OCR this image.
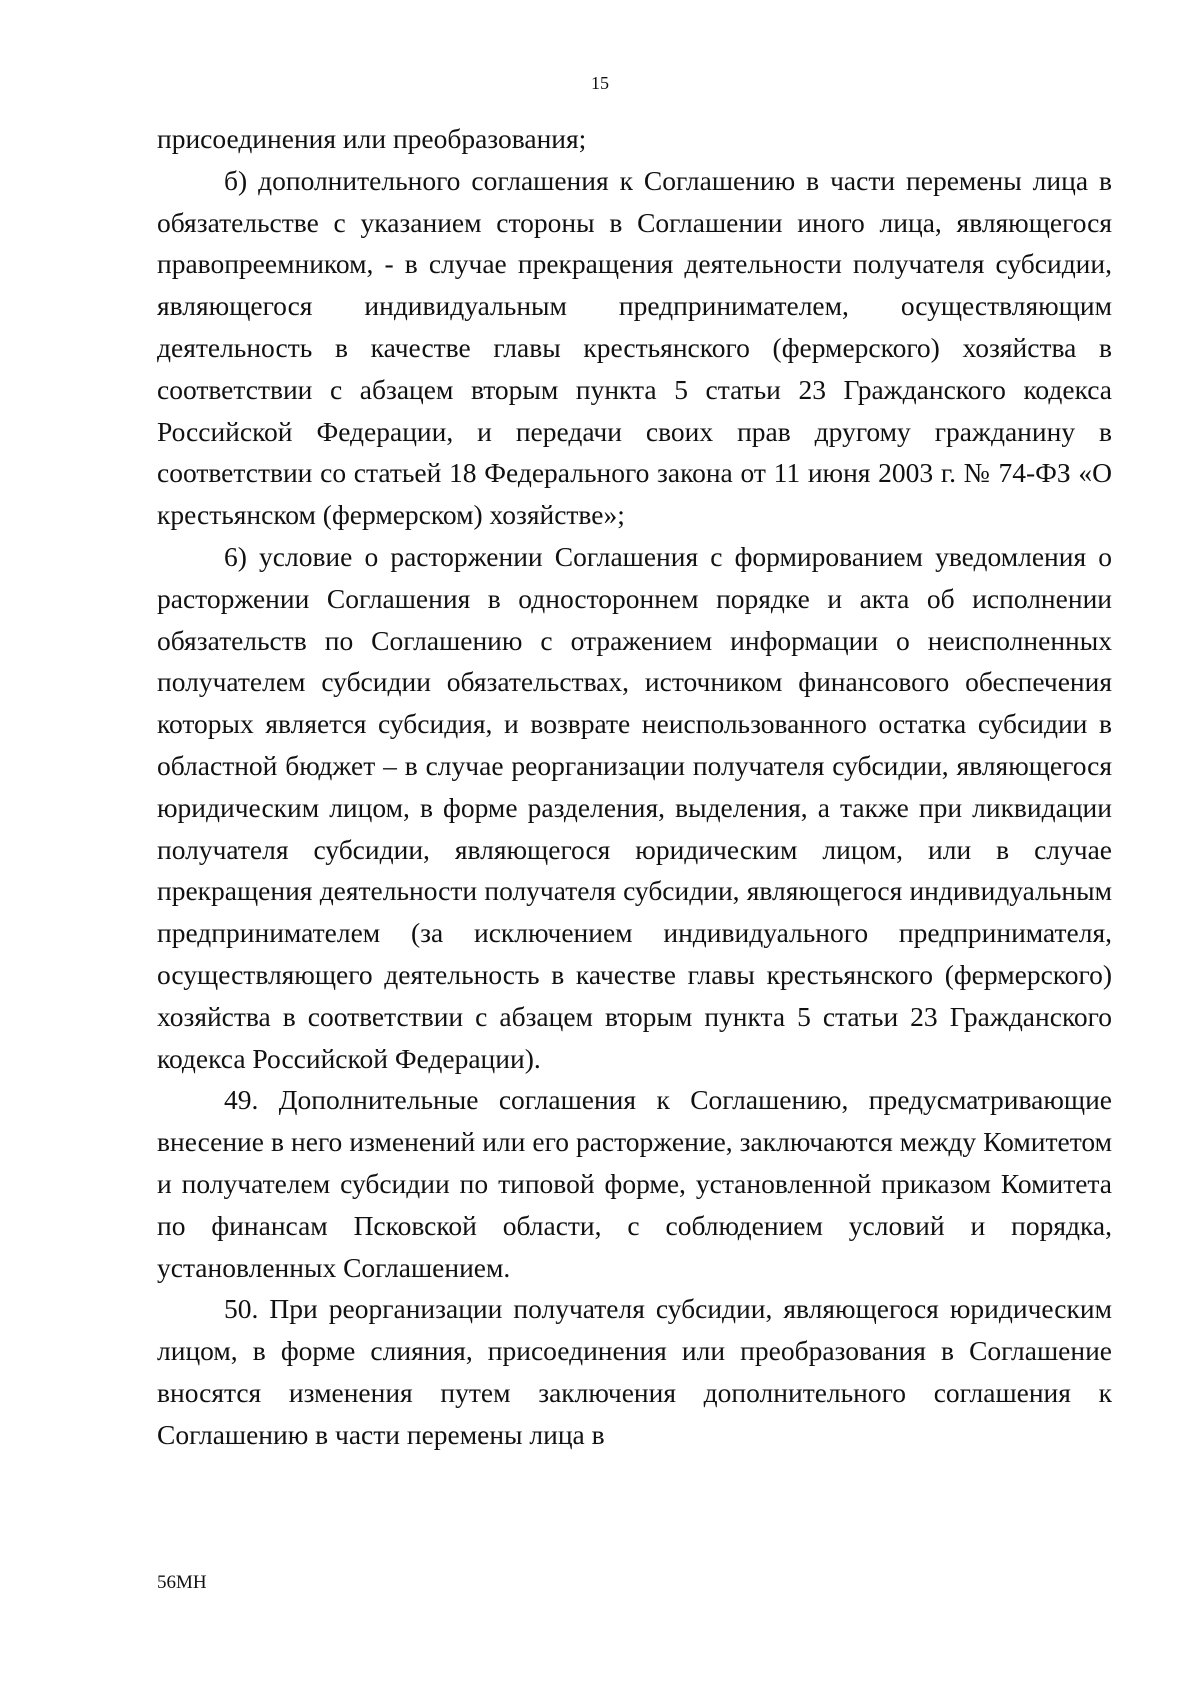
15

присоединения или преобразования;

б) дополнительного соглашения к Соглашению в части перемены лица в обязательстве с указанием стороны в Соглашении иного лица, являющегося правопреемником, - в случае прекращения деятельности получателя субсидии, являющегося индивидуальным предпринимателем, осуществляющим деятельность в качестве главы крестьянского (фермерского) хозяйства в соответствии с абзацем вторым пункта 5 статьи 23 Гражданского кодекса Российской Федерации, и передачи своих прав другому гражданину в соответствии со статьей 18 Федерального закона от 11 июня 2003 г. № 74-ФЗ «О крестьянском (фермерском) хозяйстве»;

6) условие о расторжении Соглашения с формированием уведомления о расторжении Соглашения в одностороннем порядке и акта об исполнении обязательств по Соглашению с отражением информации о неисполненных получателем субсидии обязательствах, источником финансового обеспечения которых является субсидия, и возврате неиспользованного остатка субсидии в областной бюджет – в случае реорганизации получателя субсидии, являющегося юридическим лицом, в форме разделения, выделения, а также при ликвидации получателя субсидии, являющегося юридическим лицом, или в случае прекращения деятельности получателя субсидии, являющегося индивидуальным предпринимателем (за исключением индивидуального предпринимателя, осуществляющего деятельность в качестве главы крестьянского (фермерского) хозяйства в соответствии с абзацем вторым пункта 5 статьи 23 Гражданского кодекса Российской Федерации).

49. Дополнительные соглашения к Соглашению, предусматривающие внесение в него изменений или его расторжение, заключаются между Комитетом и получателем субсидии по типовой форме, установленной приказом Комитета по финансам Псковской области, с соблюдением условий и порядка, установленных Соглашением.

50. При реорганизации получателя субсидии, являющегося юридическим лицом, в форме слияния, присоединения или преобразования в Соглашение вносятся изменения путем заключения дополнительного соглашения к Соглашению в части перемены лица в

56МН
